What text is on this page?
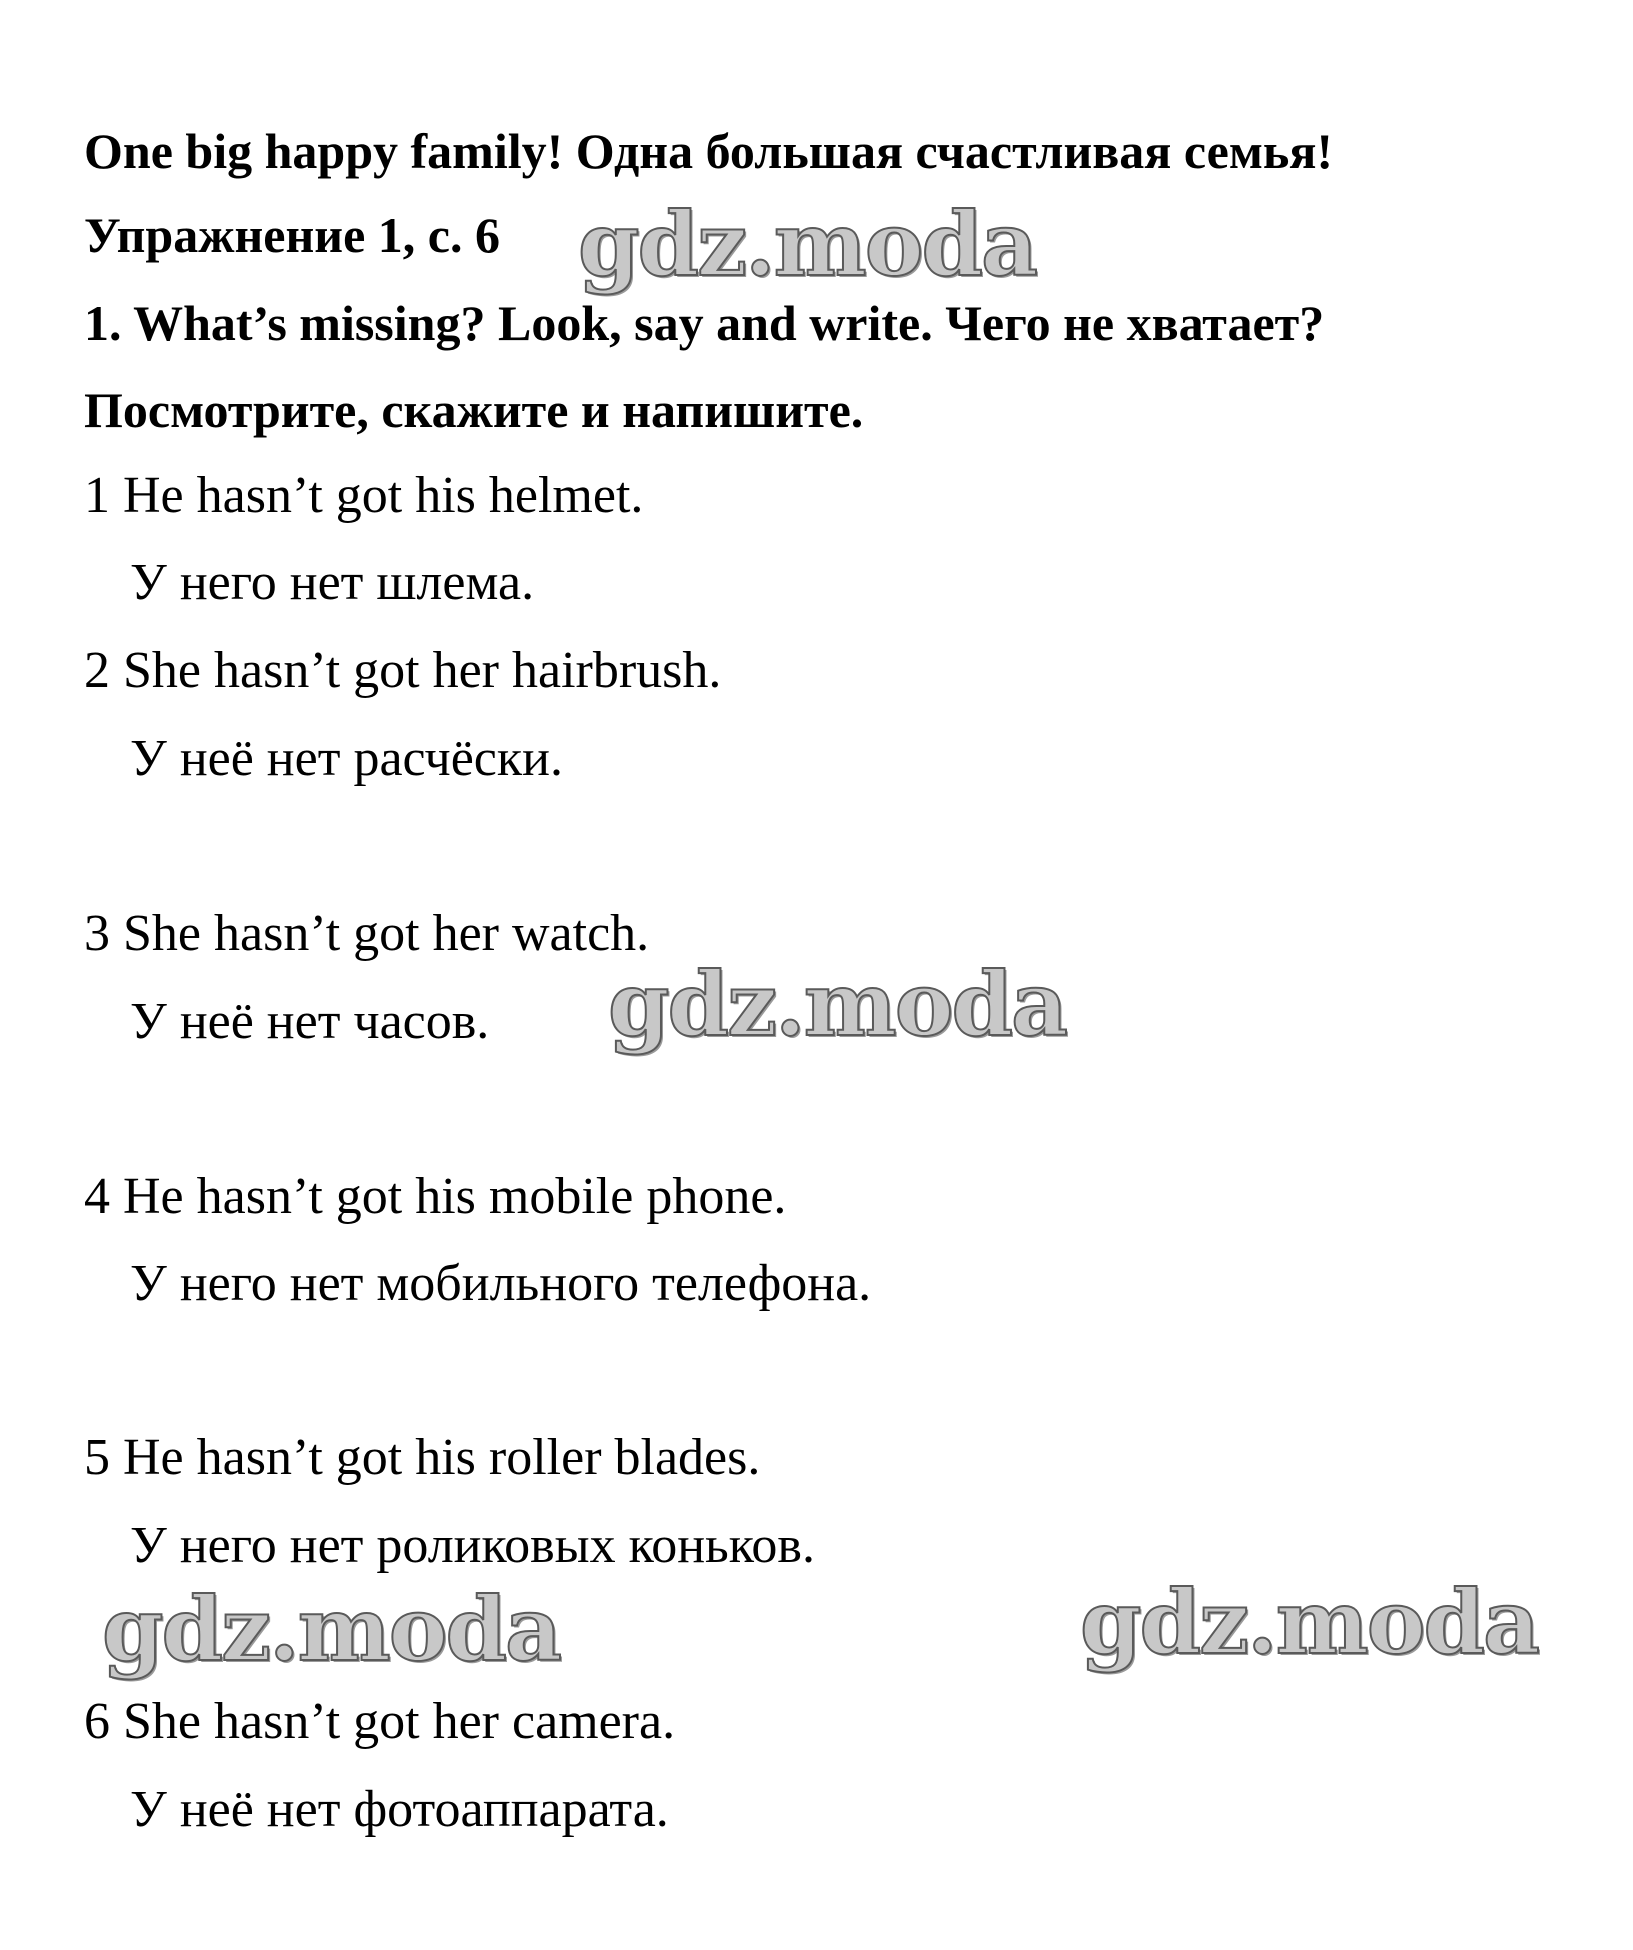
One big happy family! Одна большая счастливая семья!
Упражнение 1, с. 6
1. What’s missing? Look, say and write. Чего не хватает?
Посмотрите, скажите и напишите.
1 He hasn’t got his helmet.
У него нет шлема.
2 She hasn’t got her hairbrush.
У неё нет расчёски.
3 She hasn’t got her watch.
У неё нет часов.
4 He hasn’t got his mobile phone.
У него нет мобильного телефона.
5 He hasn’t got his roller blades.
У него нет роликовых коньков.
6 She hasn’t got her camera.
У неё нет фотоаппарата.
gdz.moda
gdz.moda
gdz.moda	gdz.moda
